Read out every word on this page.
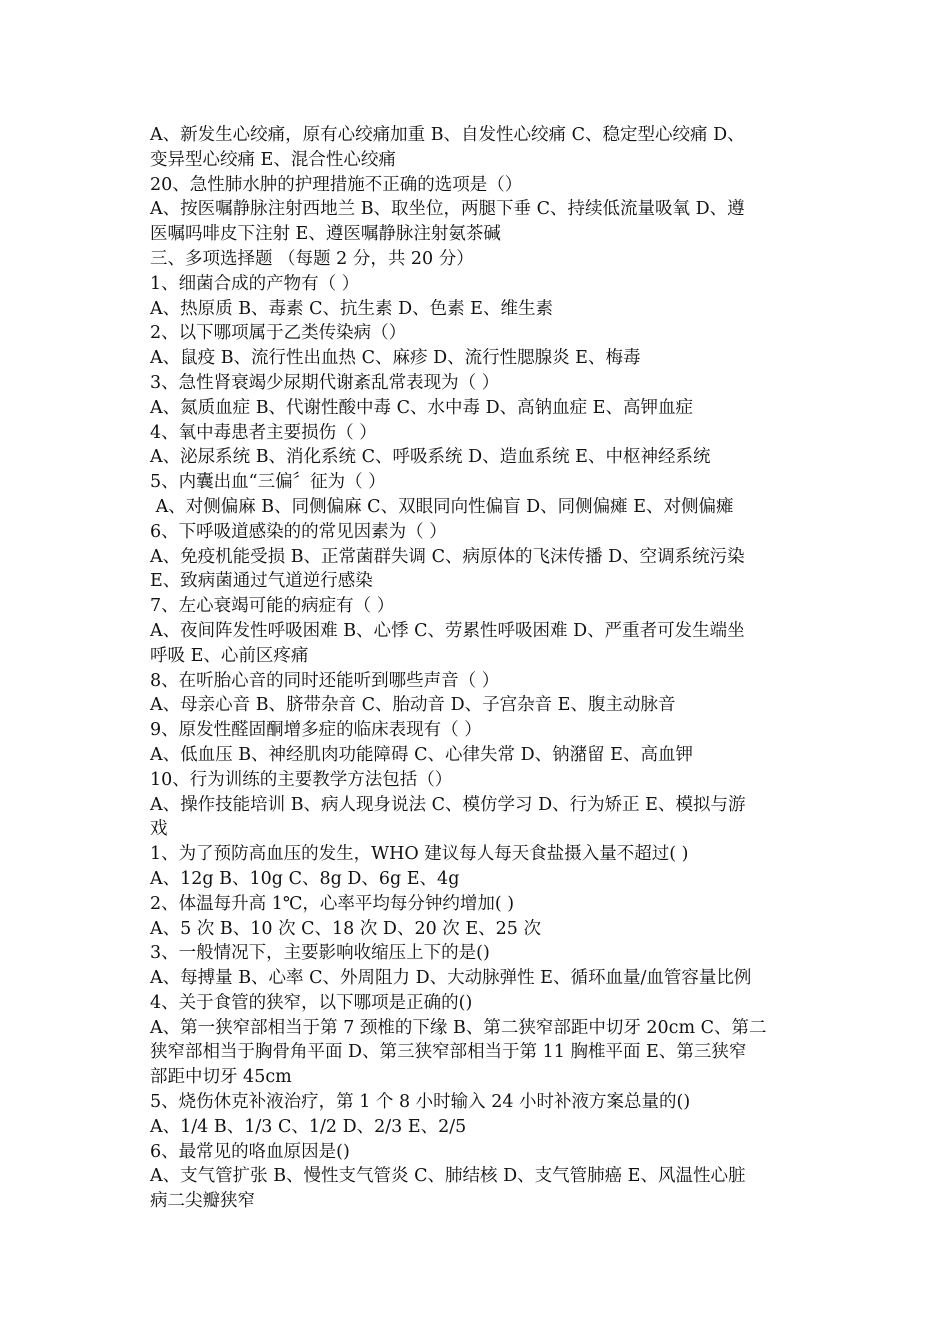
A、新发生心绞痛，原有心绞痛加重 B、自发性心绞痛 C、稳定型心绞痛 D、

变异型心绞痛 E、混合性心绞痛

20、急性肺水肿的护理措施不正确的选项是（）

A、按医嘱静脉注射西地兰 B、取坐位，两腿下垂 C、持续低流量吸氧 D、遵

医嘱吗啡皮下注射 E、遵医嘱静脉注射氨茶碱

三、多项选择题 （每题 2 分，共 20 分）

1、细菌合成的产物有（ ）

A、热原质 B、毒素 C、抗生素 D、色素 E、维生素

2、以下哪项属于乙类传染病（）

A、鼠疫 B、流行性出血热 C、麻疹 D、流行性腮腺炎 E、梅毒

3、急性肾衰竭少尿期代谢紊乱常表现为（ ）

A、氮质血症 B、代谢性酸中毒 C、水中毒 D、高钠血症 E、高钾血症

4、氧中毒患者主要损伤（ ）

A、泌尿系统 B、消化系统 C、呼吸系统 D、造血系统 E、中枢神经系统

5、内囊出血“三偏〞征为（ ）

A、对侧偏麻 B、同侧偏麻 C、双眼同向性偏盲 D、同侧偏瘫 E、对侧偏瘫

6、下呼吸道感染的的常见因素为（ ）

A、免疫机能受损 B、正常菌群失调 C、病原体的飞沫传播 D、空调系统污染

E、致病菌通过气道逆行感染

7、左心衰竭可能的病症有（ ）

A、夜间阵发性呼吸困难 B、心悸 C、劳累性呼吸困难 D、严重者可发生端坐

呼吸 E、心前区疼痛

8、在听胎心音的同时还能听到哪些声音（ ）

A、母亲心音 B、脐带杂音 C、胎动音 D、子宫杂音 E、腹主动脉音

9、原发性醛固酮增多症的临床表现有（ ）

A、低血压 B、神经肌肉功能障碍 C、心律失常 D、钠潴留 E、高血钾

10、行为训练的主要教学方法包括（）

A、操作技能培训 B、病人现身说法 C、模仿学习 D、行为矫正 E、模拟与游

戏

1、为了预防高血压的发生，WHO 建议每人每天食盐摄入量不超过( )

A、12g B、10g C、8g D、6g E、4g

2、体温每升高 1℃，心率平均每分钟约增加( )

A、5 次 B、10 次 C、18 次 D、20 次 E、25 次

3、一般情况下，主要影响收缩压上下的是()

A、每搏量 B、心率 C、外周阻力 D、大动脉弹性 E、循环血量/血管容量比例

4、关于食管的狭窄，以下哪项是正确的()

A、第一狭窄部相当于第 7 颈椎的下缘 B、第二狭窄部距中切牙 20cm C、第二

狭窄部相当于胸骨角平面 D、第三狭窄部相当于第 11 胸椎平面 E、第三狭窄

部距中切牙 45cm

5、烧伤休克补液治疗，第 1 个 8 小时输入 24 小时补液方案总量的()

A、1/4 B、1/3 C、1/2 D、2/3 E、2/5

6、最常见的咯血原因是()

A、支气管扩张 B、慢性支气管炎 C、肺结核 D、支气管肺癌 E、风温性心脏

病二尖瓣狭窄
